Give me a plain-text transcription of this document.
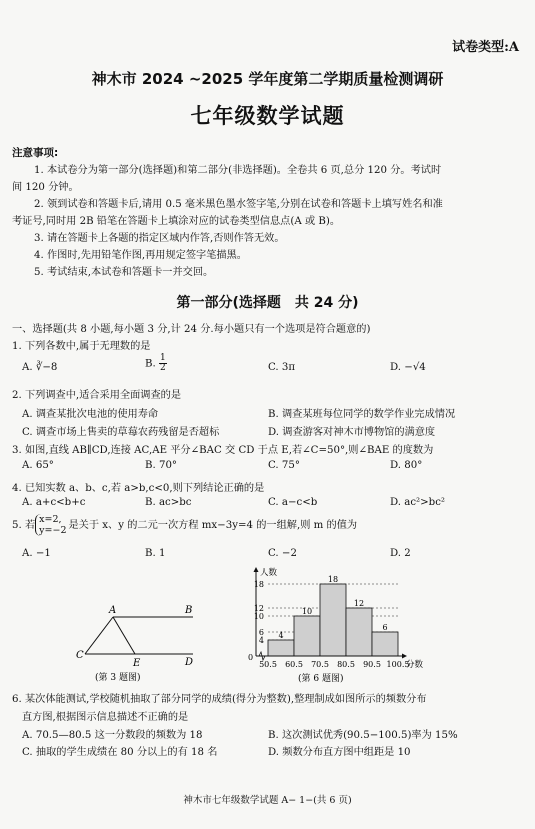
试卷类型:A
神木市 2024 ~2025 学年度第二学期质量检测调研
七年级数学试题
注意事项:
1. 本试卷分为第一部分(选择题)和第二部分(非选择题)。全卷共 6 页,总分 120 分。考试时
间 120 分钟。
2. 领到试卷和答题卡后,请用 0.5 毫米黑色墨水签字笔,分别在试卷和答题卡上填写姓名和准
考证号,同时用 2B 铅笔在答题卡上填涂对应的试卷类型信息点(A 或 B)。
3. 请在答题卡上各题的指定区域内作答,否则作答无效。
4. 作图时,先用铅笔作图,再用规定签字笔描黑。
5. 考试结束,本试卷和答题卡一并交回。
第一部分(选择题　共 24 分)
一、选择题(共 8 小题,每小题 3 分,计 24 分.每小题只有一个选项是符合题意的)
1. 下列各数中,属于无理数的是
A. ∛−8	B. $\frac{1}{2}$	C. 3π	D. −√4
2. 下列调查中,适合采用全面调查的是
A. 调查某批次电池的使用寿命	B. 调查某班每位同学的数学作业完成情况
C. 调查市场上售卖的草莓农药残留是否超标	D. 调查游客对神木市博物馆的满意度
3. 如图,直线 AB∥CD,连接 AC,AE 平分∠BAC 交 CD 于点 E,若∠C=50°,则∠BAE 的度数为
A. 65°	B. 70°	C. 75°	D. 80°
4. 已知实数 a、b、c,若 a>b,c<0,则下列结论正确的是
A. a+c<b+c	B. ac>bc	C. a−c<b	D. ac²>bc²
5. 若
x=2,
y=−2 是关于 x、y 的二元一次方程 mx−3y=4 的一组解,则 m 的值为
A. −1	B. 1	C. −2	D. 2
A	B
C
D
E
(第 3 题图)
4
6
10
12
18
4
10
18
12
6
人数
分数
0
50.5 60.5 70.5 80.5 90.5 100.5
(第 6 题图)
6. 某次体能测试,学校随机抽取了部分同学的成绩(得分为整数),整理制成如图所示的频数分布
直方图,根据图示信息描述不正确的是
A. 70.5—80.5 这一分数段的频数为 18	B. 这次测试优秀(90.5−100.5)率为 15%
C. 抽取的学生成绩在 80 分以上的有 18 名	D. 频数分布直方图中组距是 10
神木市七年级数学试题 A− 1−(共 6 页)
